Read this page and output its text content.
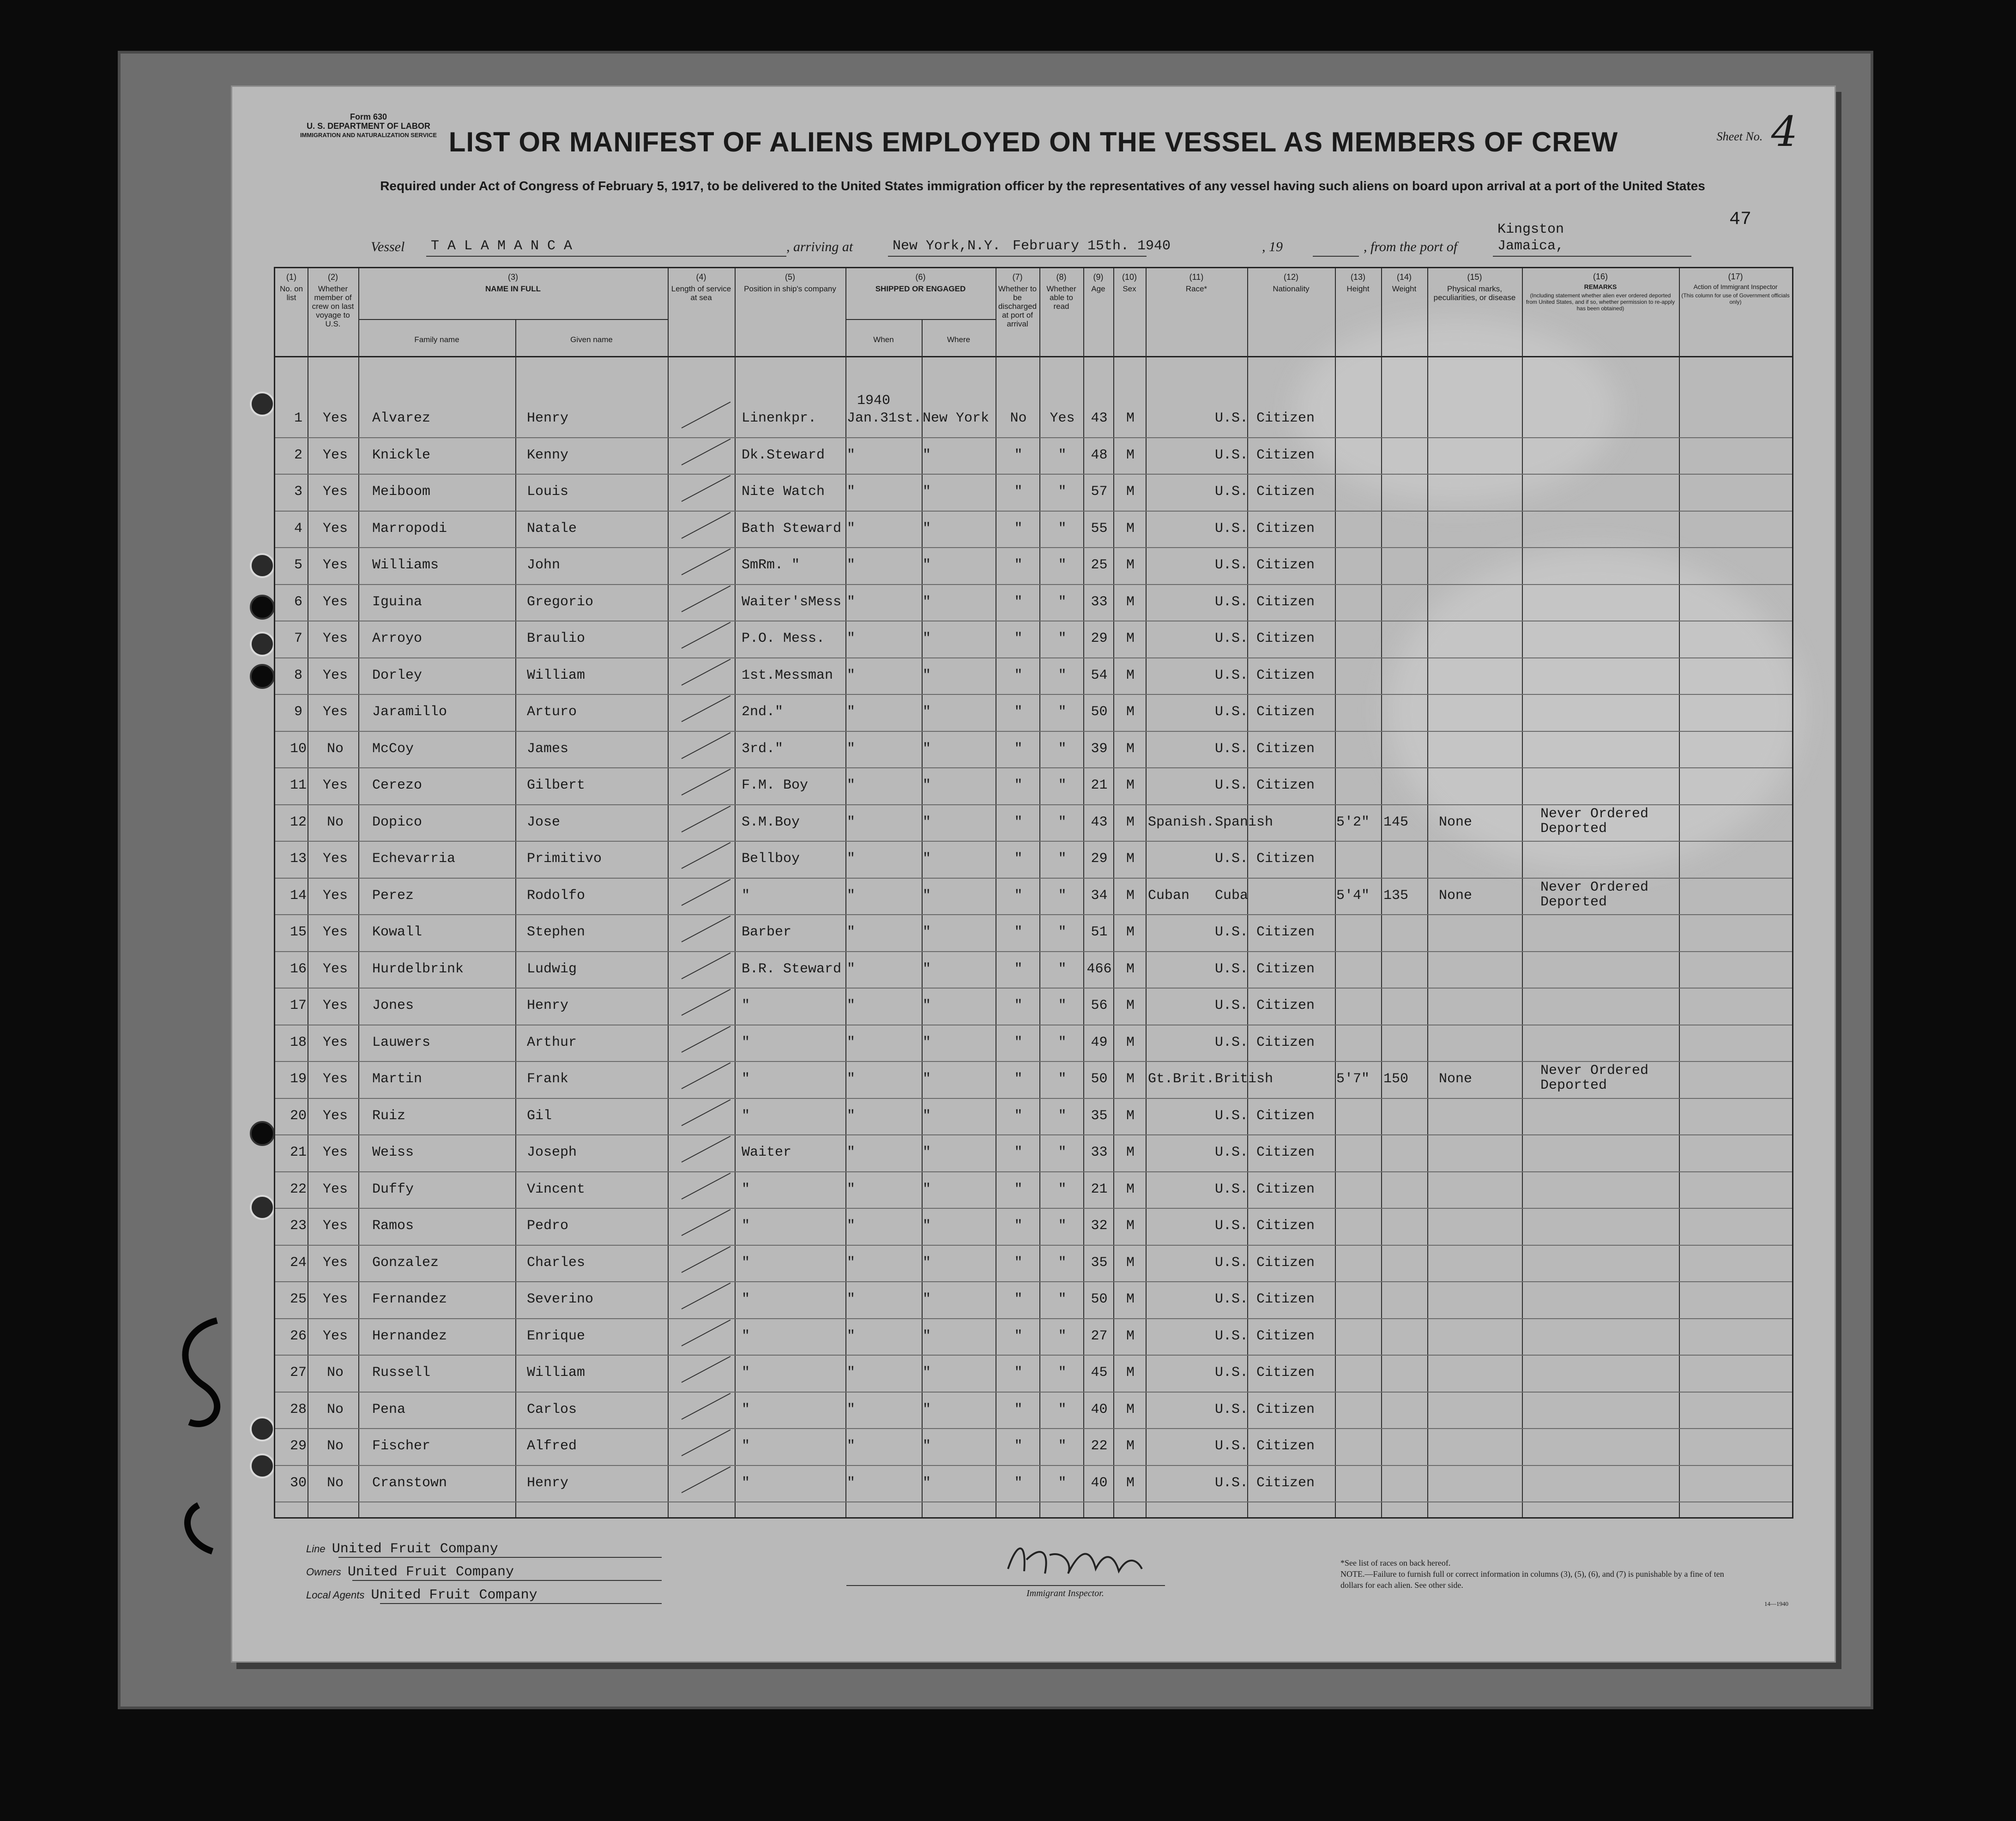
Form 630
U. S. DEPARTMENT OF LABOR
IMMIGRATION AND NATURALIZATION SERVICE	Sheet No. 4
47
LIST OR MANIFEST OF ALIENS EMPLOYED ON THE VESSEL AS MEMBERS OF CREW
Required under Act of Congress of February 5, 1917, to be delivered to the United States immigration officer by the representatives of any vessel having such aliens on board upon arrival at a port of the United States
Vessel T A L A M A N C A	, arriving at	New York,N.Y. February 15th. 1940	, 19	, from the port of
Kingston
Jamaica,
(1)
No. on list
(2)
Whether member of crew on last voyage to U.S.
(3)
NAME IN FULL
Family name	Given name
(4)
Length of service at sea
(5)
Position in ship's company
(6)
SHIPPED OR ENGAGED
When	Where
(7)
Whether to be discharged at port of arrival
(8)
Whether able to read
(9)
Age
(10)
Sex
(11)
Race*
(12)
Nationality
(13)
Height
(14)
Weight
(15)
Physical marks, peculiarities, or disease
(16)
REMARKS
(Including statement whether alien ever ordered deported from United States, and if so, whether permission to re-apply has been obtained)
(17)
Action of Immigrant Inspector
(This column for use of Government officials only)
1	Yes	Alvarez	Henry	Linenkpr.	Jan.31st. New York	No	Yes	43	M	U.S. Citizen
1940
2	Yes	Knickle	Kenny	Dk.Steward	"	"	"	"	48	M	U.S. Citizen
3	Yes	Meiboom	Louis	Nite Watch	"	"	"	"	57	M	U.S. Citizen
4	Yes	Marropodi	Natale	Bath Steward "	"	"	"	55	M	U.S. Citizen
5	Yes	Williams	John	SmRm. "	"	"	"	"	25	M	U.S. Citizen
6	Yes	Iguina	Gregorio	Waiter'sMess "	"	"	"	33	M	U.S. Citizen
7	Yes	Arroyo	Braulio	P.O. Mess.	"	"	"	"	29	M	U.S. Citizen
8	Yes	Dorley	William	1st.Messman "	"	"	"	54	M	U.S. Citizen
9	Yes	Jaramillo	Arturo	2nd."	"	"	"	"	50	M	U.S. Citizen
10	No	McCoy	James	3rd."	"	"	"	"	39	M	U.S. Citizen
11	Yes	Cerezo	Gilbert	F.M. Boy	"	"	"	"	21	M	U.S. Citizen
12	No	Dopico	Jose	S.M.Boy	"	"	"	"	43	M Spanish. Spanish	5'2" 145	None
Never Ordered
Deported
13	Yes	Echevarria	Primitivo	Bellboy	"	"	"	"	29	M	U.S. Citizen
14	Yes	Perez	Rodolfo	"	"	"	"	"	34	M Cuban	Cuba	5'4" 135	None
Never Ordered
Deported
15	Yes	Kowall	Stephen	Barber	"	"	"	"	51	M	U.S. Citizen
16	Yes	Hurdelbrink	Ludwig	B.R. Steward "	"	"	"	466	M	U.S. Citizen
17	Yes	Jones	Henry	"	"	"	"	"	56	M	U.S. Citizen
18	Yes	Lauwers	Arthur	"	"	"	"	"	49	M	U.S. Citizen
19	Yes	Martin	Frank	"	"	"	"	"	50	M Gt.Brit. British	5'7" 150	None
Never Ordered
Deported
20	Yes	Ruiz	Gil	"	"	"	"	"	35	M	U.S. Citizen
21	Yes	Weiss	Joseph	Waiter	"	"	"	"	33	M	U.S. Citizen
22	Yes	Duffy	Vincent	"	"	"	"	"	21	M	U.S. Citizen
23	Yes	Ramos	Pedro	"	"	"	"	"	32	M	U.S. Citizen
24	Yes	Gonzalez	Charles	"	"	"	"	"	35	M	U.S. Citizen
25	Yes	Fernandez	Severino	"	"	"	"	"	50	M	U.S. Citizen
26	Yes	Hernandez	Enrique	"	"	"	"	"	27	M	U.S. Citizen
27	No	Russell	William	"	"	"	"	"	45	M	U.S. Citizen
28	No	Pena	Carlos	"	"	"	"	"	40	M	U.S. Citizen
29	No	Fischer	Alfred	"	"	"	"	"	22	M	U.S. Citizen
30	No	Cranstown	Henry	"	"	"	"	"	40	M	U.S. Citizen
Line United Fruit Company
Owners United Fruit Company
Local Agents United Fruit Company	Immigrant Inspector.
*See list of races on back hereof.
NOTE.—Failure to furnish full or correct information in columns (3), (5), (6), and (7) is punishable by a fine of ten dollars for each alien. See other side.
14—1940
